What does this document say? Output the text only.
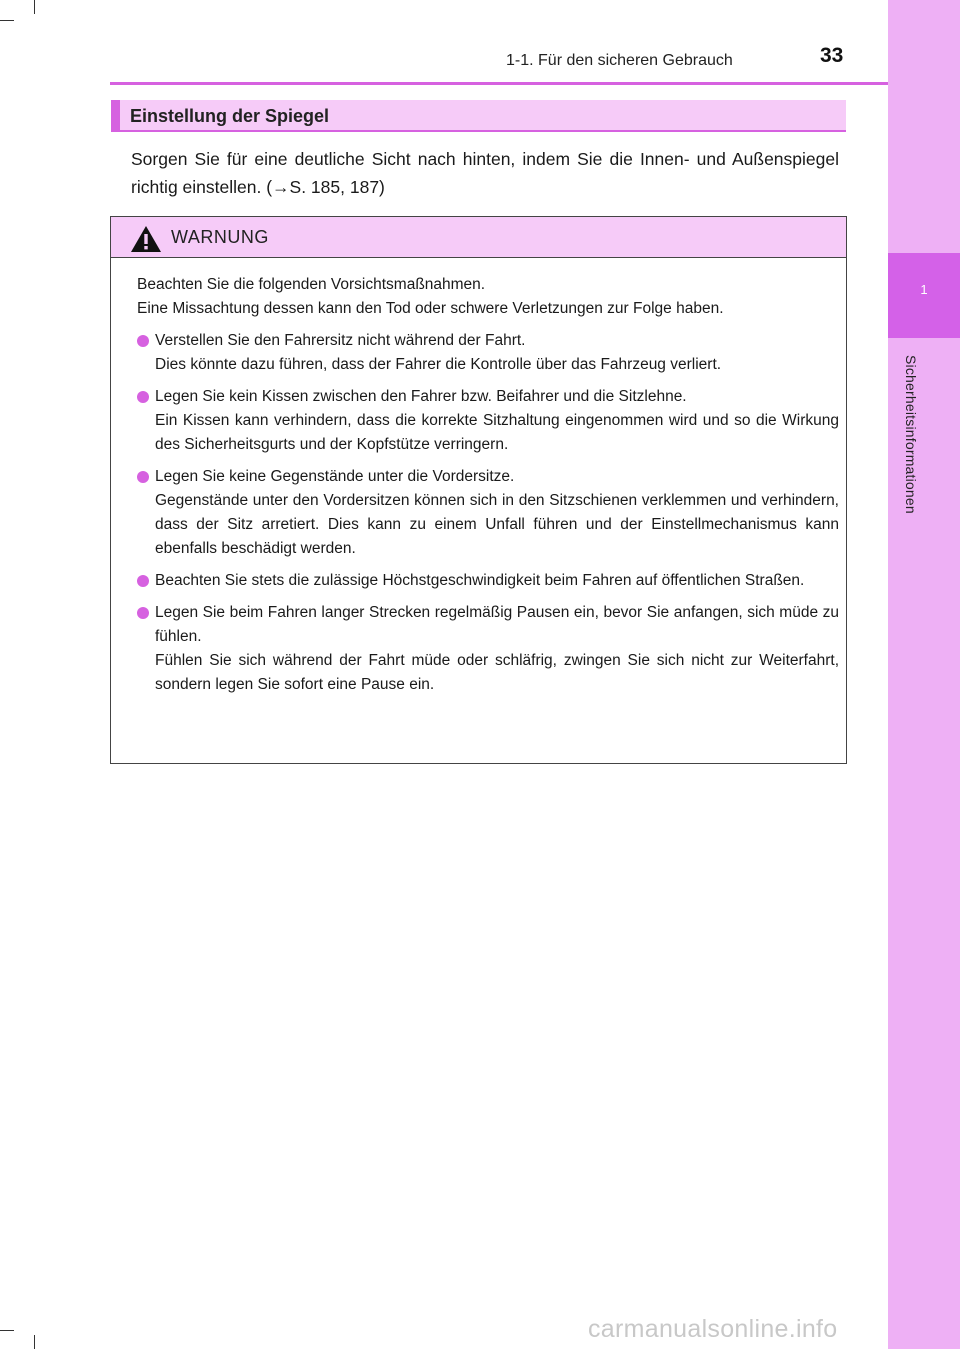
1-1. Für den sicheren Gebrauch	33
1
Sicherheitsinformationen
Einstellung der Spiegel
Sorgen Sie für eine deutliche Sicht nach hinten, indem Sie die Innen- und Außenspiegel richtig einstellen. (→S. 185, 187)
WARNUNG

Beachten Sie die folgenden Vorsichtsmaßnahmen.

Eine Missachtung dessen kann den Tod oder schwere Verletzungen zur Folge haben.

Verstellen Sie den Fahrersitz nicht während der Fahrt.

Dies könnte dazu führen, dass der Fahrer die Kontrolle über das Fahrzeug verliert.

Legen Sie kein Kissen zwischen den Fahrer bzw. Beifahrer und die Sitzlehne.

Ein Kissen kann verhindern, dass die korrekte Sitzhaltung eingenommen wird und so die Wirkung des Sicherheitsgurts und der Kopfstütze verringern.

Legen Sie keine Gegenstände unter die Vordersitze.

Gegenstände unter den Vordersitzen können sich in den Sitzschienen verklemmen und verhindern, dass der Sitz arretiert. Dies kann zu einem Unfall führen und der Einstellmechanismus kann ebenfalls beschädigt werden.

Beachten Sie stets die zulässige Höchstgeschwindigkeit beim Fahren auf öffentlichen Straßen.

Legen Sie beim Fahren langer Strecken regelmäßig Pausen ein, bevor Sie anfangen, sich müde zu fühlen.

Fühlen Sie sich während der Fahrt müde oder schläfrig, zwingen Sie sich nicht zur Weiterfahrt, sondern legen Sie sofort eine Pause ein.

carmanualsonline.info
